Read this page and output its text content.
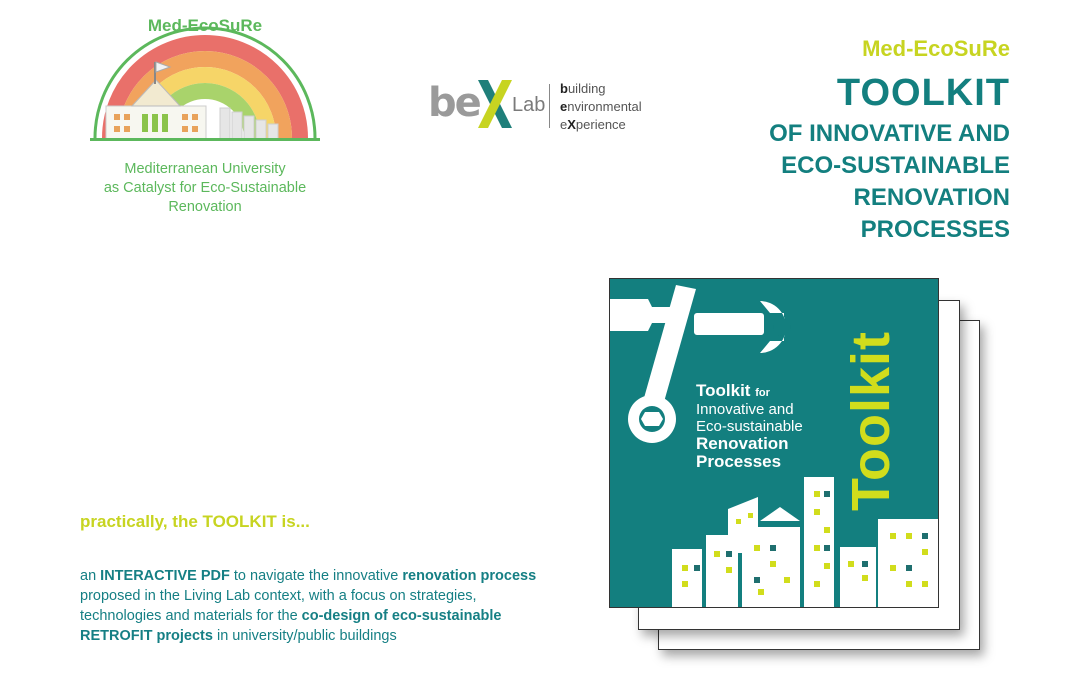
Med-EcoSuRe
Mediterranean University
as Catalyst for Eco-Sustainable
Renovation
be Lab
building
environmental
eXperience
Med-EcoSuRe
TOOLKIT
OF INNOVATIVE AND
ECO-SUSTAINABLE
RENOVATION
PROCESSES
practically, the TOOLKIT is...
an INTERACTIVE PDF to navigate the innovative renovation process proposed in the Living Lab context, with a focus on strategies, technologies and materials for the co-design of eco-sustainable RETROFIT projects in university/public buildings
Toolkit for
Innovative and
Eco-sustainable
Renovation
Processes Toolkit
